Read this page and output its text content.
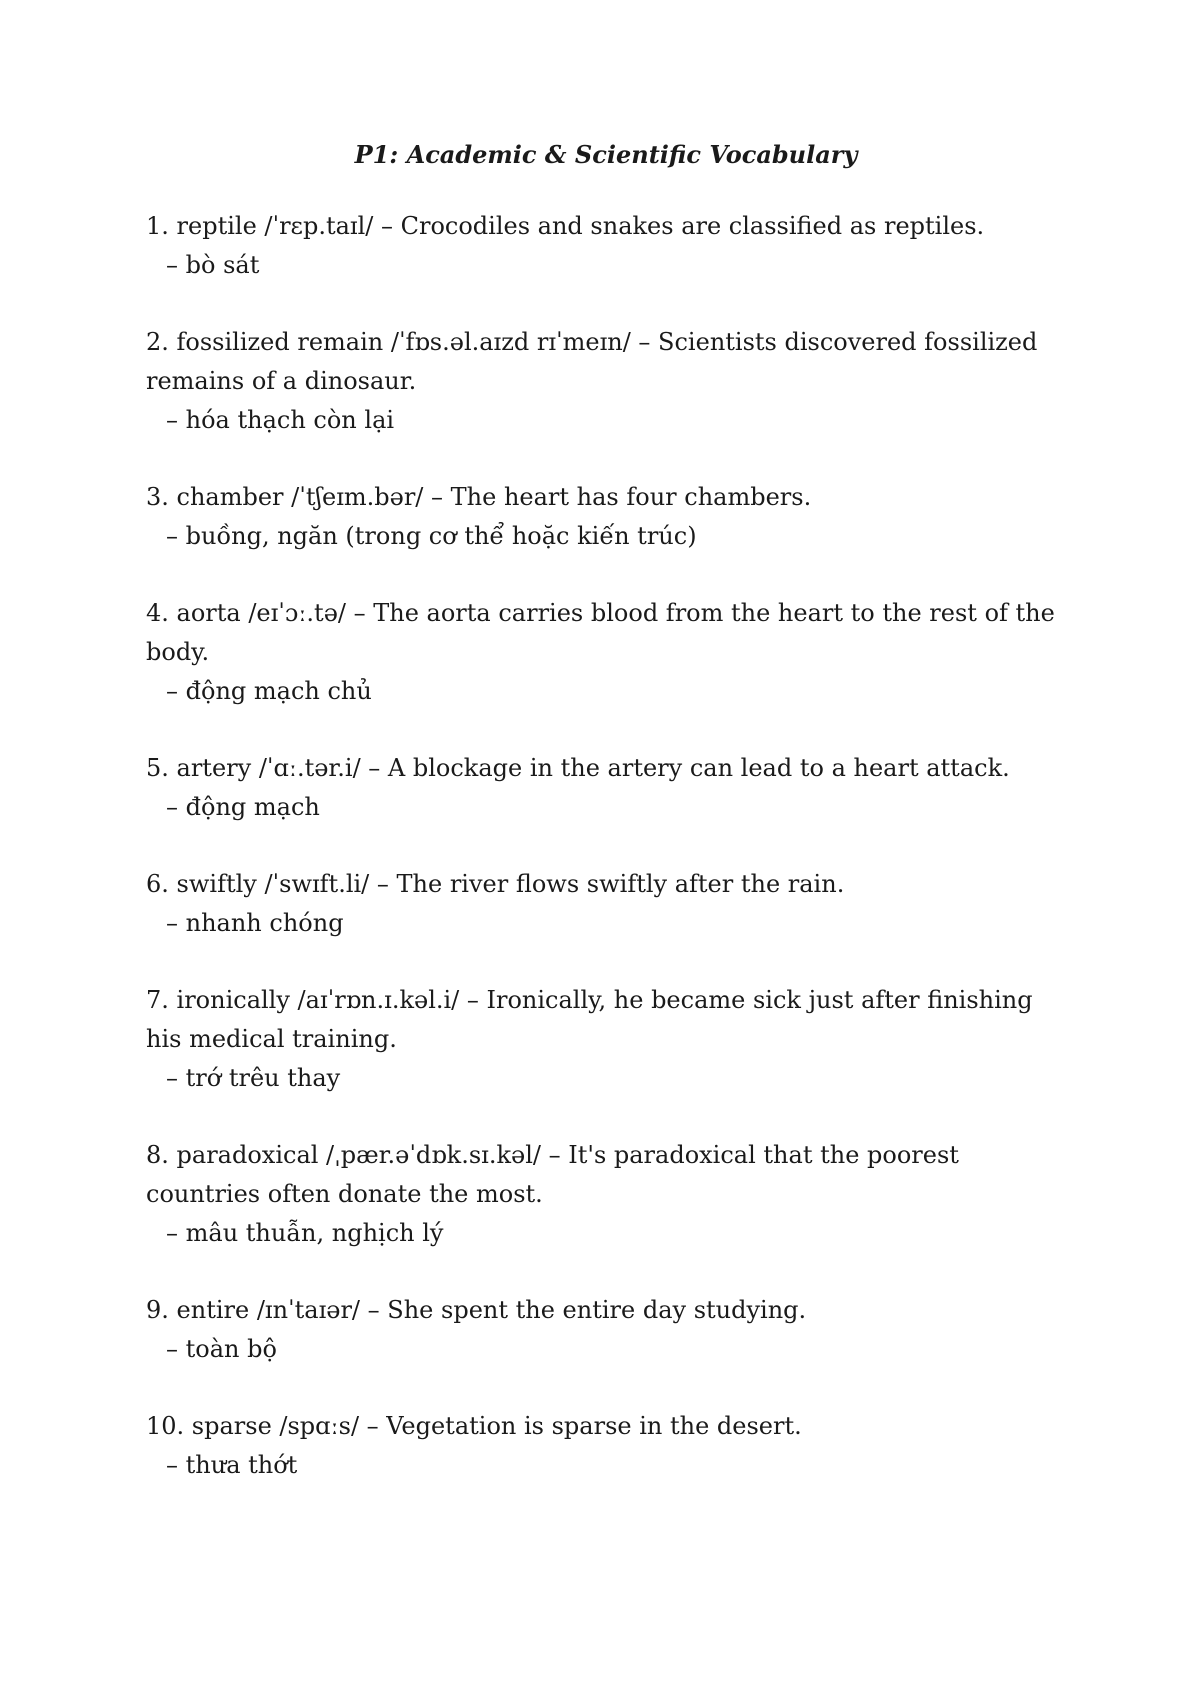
P1: Academic & Scientific Vocabulary
1. reptile /ˈrɛp.taɪl/ – Crocodiles and snakes are classified as reptiles.
– bò sát
2. fossilized remain /ˈfɒs.əl.aɪzd rɪˈmeɪn/ – Scientists discovered fossilized remains of a dinosaur.
– hóa thạch còn lại
3. chamber /ˈtʃeɪm.bər/ – The heart has four chambers.
– buồng, ngăn (trong cơ thể hoặc kiến trúc)
4. aorta /eɪˈɔː.tə/ – The aorta carries blood from the heart to the rest of the body.
– động mạch chủ
5. artery /ˈɑː.tər.i/ – A blockage in the artery can lead to a heart attack.
– động mạch
6. swiftly /ˈswɪft.li/ – The river flows swiftly after the rain.
– nhanh chóng
7. ironically /aɪˈrɒn.ɪ.kəl.i/ – Ironically, he became sick just after finishing his medical training.
– trớ trêu thay
8. paradoxical /ˌpær.əˈdɒk.sɪ.kəl/ – It's paradoxical that the poorest countries often donate the most.
– mâu thuẫn, nghịch lý
9. entire /ɪnˈtaɪər/ – She spent the entire day studying.
– toàn bộ
10. sparse /spɑːs/ – Vegetation is sparse in the desert.
– thưa thớt
